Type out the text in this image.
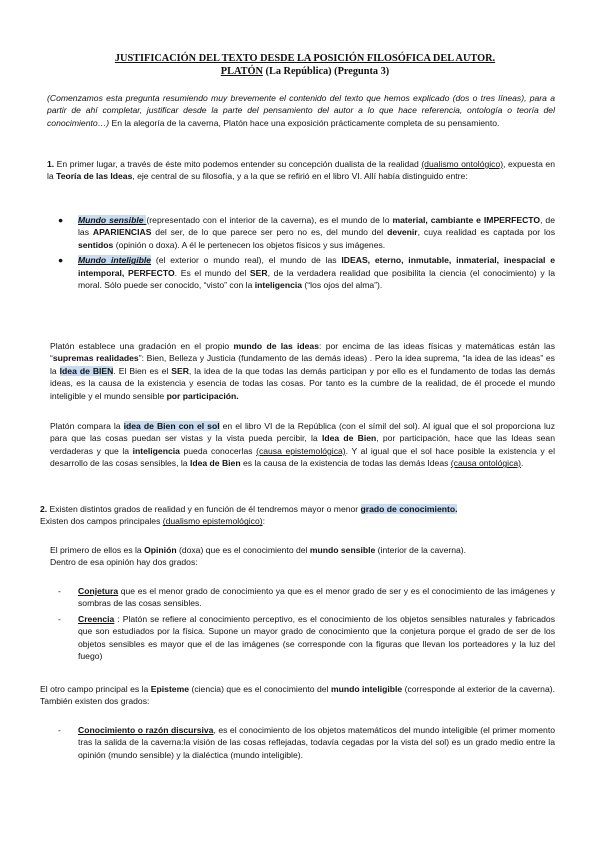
JUSTIFICACIÓN DEL TEXTO DESDE LA POSICIÓN FILOSÓFICA DEL AUTOR.
PLATÓN (La República) (Pregunta 3)

(Comenzamos esta pregunta resumiendo muy brevemente el contenido del texto que hemos explicado (dos o tres líneas), para a partir de ahí completar, justificar desde la parte del pensamiento del autor a lo que hace referencia, ontología o teoría del conocimiento…) En la alegoría de la caverna, Platón hace una exposición prácticamente completa de su pensamiento.

1. En primer lugar, a través de éste mito podemos entender su concepción dualista de la realidad (dualismo ontológico), expuesta en la Teoría de las Ideas, eje central de su filosofía, y a la que se refirió en el libro VI. Allí había distinguido entre:

● Mundo sensible (representado con el interior de la caverna), es el mundo de lo material, cambiante e IMPERFECTO, de las APARIENCIAS del ser, de lo que parece ser pero no es, del mundo del devenir, cuya realidad es captada por los sentidos (opinión o doxa). A él le pertenecen los objetos físicos y sus imágenes.
● Mundo inteligible (el exterior o mundo real), el mundo de las IDEAS, eterno, inmutable, inmaterial, inespacial e intemporal, PERFECTO. Es el mundo del SER, de la verdadera realidad que posibilita la ciencia (el conocimiento) y la moral. Sólo puede ser conocido, “visto” con la inteligencia (“los ojos del alma”).

Platón establece una gradación en el propio mundo de las ideas: por encima de las ideas físicas y matemáticas están las “supremas realidades”: Bien, Belleza y Justicia (fundamento de las demás ideas) . Pero la idea suprema, “la idea de las ideas” es la Idea de BIEN. El Bien es el SER, la idea de la que todas las demás participan y por ello es el fundamento de todas las demás ideas, es la causa de la existencia y esencia de todas las cosas. Por tanto es la cumbre de la realidad, de él procede el mundo inteligible y el mundo sensible por participación.

Platón compara la idea de Bien con el sol en el libro VI de la República (con el símil del sol). Al igual que el sol proporciona luz para que las cosas puedan ser vistas y la vista pueda percibir, la Idea de Bien, por participación, hace que las Ideas sean verdaderas y que la inteligencia pueda conocerlas (causa epistemológica). Y al igual que el sol hace posible la existencia y el desarrollo de las cosas sensibles, la Idea de Bien es la causa de la existencia de todas las demás Ideas (causa ontológica).

2. Existen distintos grados de realidad y en función de él tendremos mayor o menor grado de conocimiento.
Existen dos campos principales (dualismo epistemológico):
El primero de ellos es la Opinión (doxa) que es el conocimiento del mundo sensible (interior de la caverna).
Dentro de esa opinión hay dos grados:
- Conjetura que es el menor grado de conocimiento ya que es el menor grado de ser y es el conocimiento de las imágenes y sombras de las cosas sensibles.
- Creencia : Platón se refiere al conocimiento perceptivo, es el conocimiento de los objetos sensibles naturales y fabricados que son estudiados por la física. Supone un mayor grado de conocimiento que la conjetura porque el grado de ser de los objetos sensibles es mayor que el de las imágenes (se corresponde con la figuras que llevan los porteadores y la luz del fuego)

El otro campo principal es la Episteme (ciencia) que es el conocimiento del mundo inteligible (corresponde al exterior de la caverna). También existen dos grados:

- Conocimiento o razón discursiva, es el conocimiento de los objetos matemáticos del mundo inteligible (el primer momento tras la salida de la caverna:la visión de las cosas reflejadas, todavía cegadas por la vista del sol) es un grado medio entre la opinión (mundo sensible) y la dialéctica (mundo inteligible).
